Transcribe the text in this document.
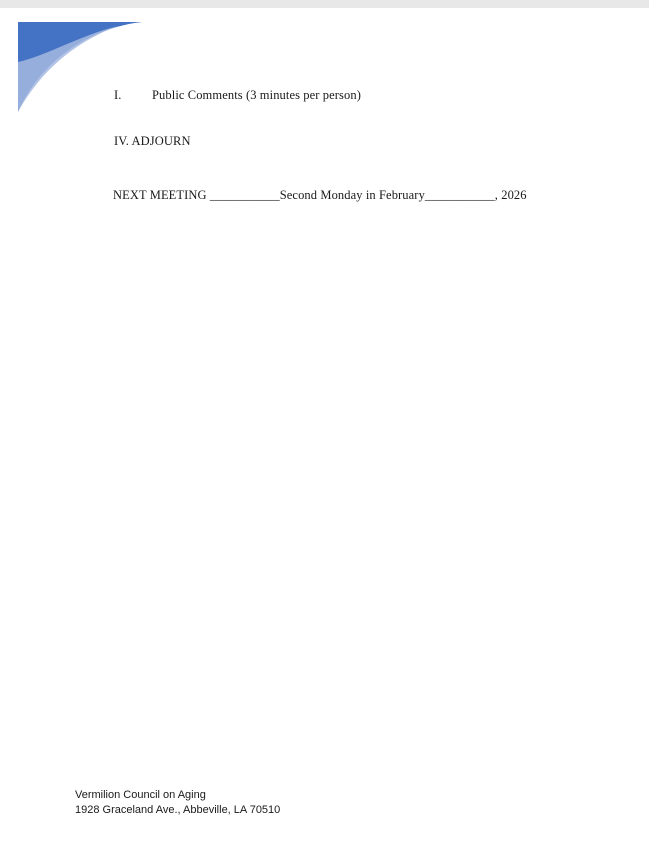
I. Public Comments (3 minutes per person)
IV. ADJOURN
NEXT MEETING ___________Second Monday in February___________, 2026
Vermilion Council on Aging
1928 Graceland Ave., Abbeville, LA 70510
